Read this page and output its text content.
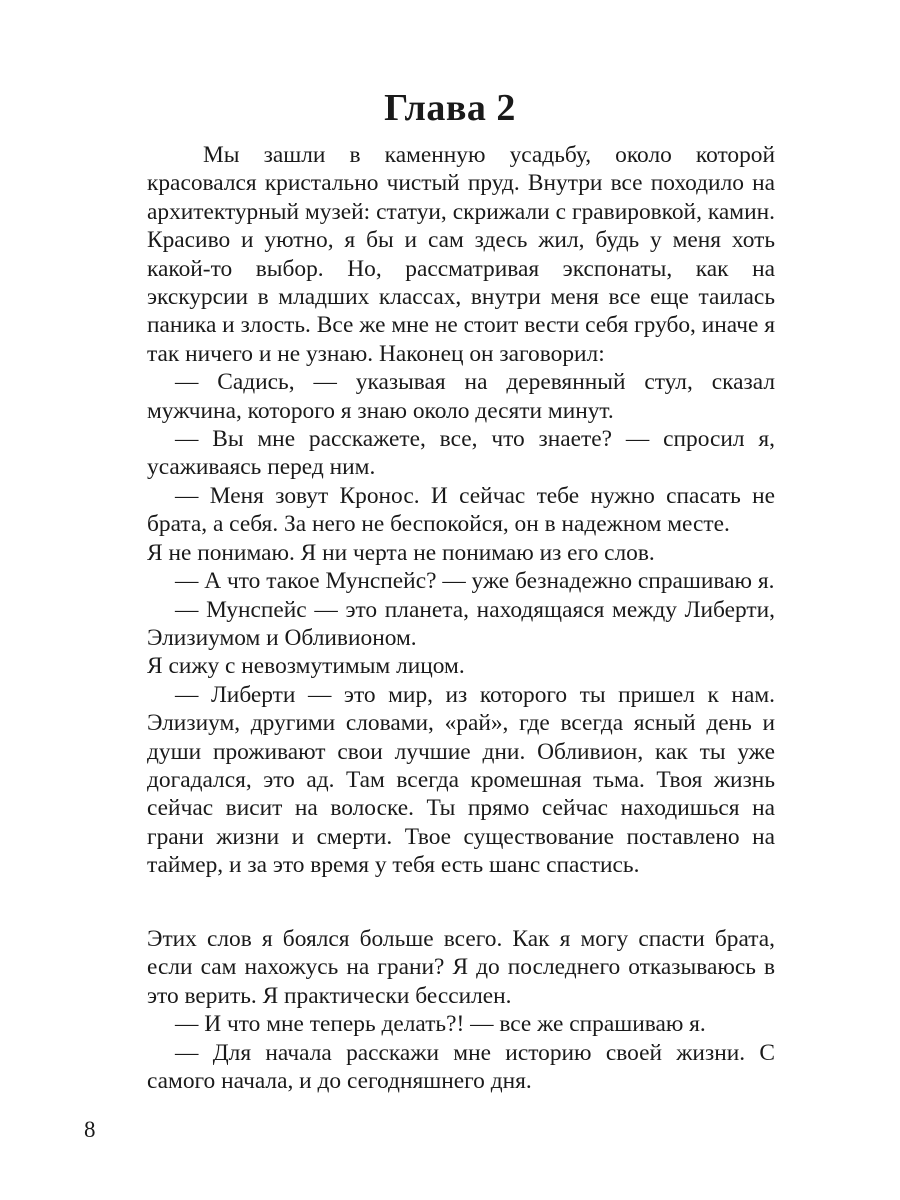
Глава 2

Мы зашли в каменную усадьбу, около которой красовался кристально чистый пруд. Внутри все походило на архитектурный музей: статуи, скрижали с гравировкой, камин. Красиво и уютно, я бы и сам здесь жил, будь у меня хоть какой-то выбор. Но, рассматривая экспонаты, как на экскурсии в младших классах, внутри меня все еще таилась паника и злость. Все же мне не стоит вести себя грубо, иначе я так ничего и не узнаю. Наконец он заговорил:

— Садись, — указывая на деревянный стул, сказал мужчина, которого я знаю около десяти минут.

— Вы мне расскажете, все, что знаете? — спросил я, усаживаясь перед ним.

— Меня зовут Кронос. И сейчас тебе нужно спасать не брата, а себя. За него не беспокойся, он в надежном месте.

Я не понимаю. Я ни черта не понимаю из его слов.

— А что такое Мунспейс? — уже безнадежно спрашиваю я.

— Мунспейс — это планета, находящаяся между Либерти, Элизиумом и Обливионом.

Я сижу с невозмутимым лицом.

— Либерти — это мир, из которого ты пришел к нам. Элизиум, другими словами, «рай», где всегда ясный день и души проживают свои лучшие дни. Обливион, как ты уже догадался, это ад. Там всегда кромешная тьма. Твоя жизнь сейчас висит на волоске. Ты прямо сейчас находишься на грани жизни и смерти. Твое существование поставлено на таймер, и за это время у тебя есть шанс спастись.

Этих слов я боялся больше всего. Как я могу спасти брата, если сам нахожусь на грани? Я до последнего отказываюсь в это верить. Я практически бессилен.

— И что мне теперь делать?! — все же спрашиваю я.

— Для начала расскажи мне историю своей жизни. С самого начала, и до сегодняшнего дня.

8
